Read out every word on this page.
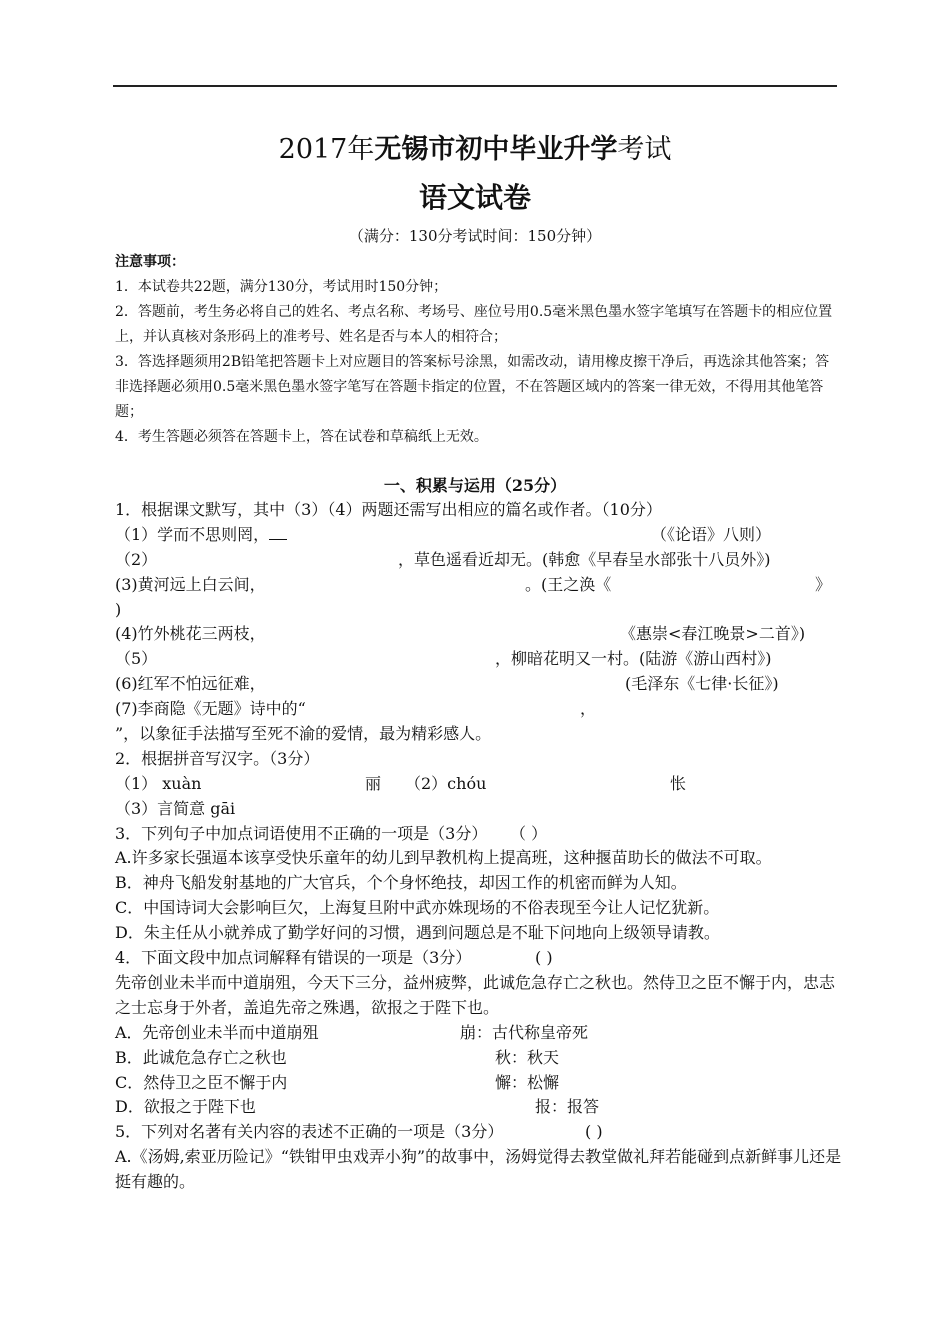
2017年无锡市初中毕业升学考试
语文试卷
（满分：130分考试时间：150分钟）

注意事项：

1．本试卷共22题，满分130分，考试用时150分钟；

2．答题前，考生务必将自己的姓名、考点名称、考场号、座位号用0.5毫米黑色墨水签字笔填写在答题卡的相应位置上，并认真核对条形码上的准考号、姓名是否与本人的相符合；

3．答选择题须用2B铅笔把答题卡上对应题目的答案标号涂黑，如需改动，请用橡皮擦干净后，再选涂其他答案；答非选择题必须用0.5毫米黑色墨水签字笔写在答题卡指定的位置，不在答题区域内的答案一律无效，不得用其他笔答题；

4．考生答题必须答在答题卡上，答在试卷和草稿纸上无效。

一、积累与运用（25分）
1．根据课文默写，其中（3）（4）两题还需写出相应的篇名或作者。（10分）
（1）学而不思则罔，	（《论语》八则）
（2）	，草色遥看近却无。(韩愈《早春呈水部张十八员外》)
(3)黄河远上白云间，	。(王之涣《	》
)
(4)竹外桃花三两枝，	《惠崇<春江晚景>二首》)
（5）	，柳暗花明又一村。(陆游《游山西村》)
(6)红军不怕远征难，	(毛泽东《七律·长征》)
(7)李商隐《无题》诗中的“	，
”，以象征手法描写至死不渝的爱情，最为精彩感人。
2．根据拼音写汉字。（3分）
（1） xuàn	丽 （2）chóu	怅
（3）言简意 gāi
3．下列句子中加点词语使用不正确的一项是（3分） （ ）
A.许多家长强逼本该享受快乐童年的幼儿到早教机构上提高班，这种揠苗助长的做法不可取。
B．神舟飞船发射基地的广大官兵，个个身怀绝技，却因工作的机密而鲜为人知。
C．中国诗词大会影响巨欠，上海复旦附中武亦姝现场的不俗表现至今让人记忆犹新。
D．朱主任从小就养成了勤学好问的习惯，遇到问题总是不耻下问地向上级领导请教。
4．下面文段中加点词解释有错误的一项是（3分）	( )
先帝创业未半而中道崩殂，今天下三分，益州疲弊，此诚危急存亡之秋也。然侍卫之臣不懈于内，忠志之士忘身于外者，盖追先帝之殊遇，欲报之于陛下也。
A．先帝创业未半而中道崩殂	崩：古代称皇帝死
B．此诚危急存亡之秋也	秋：秋天
C．然侍卫之臣不懈于内	懈：松懈
D．欲报之于陛下也	报：报答
5．下列对名著有关内容的表述不正确的一项是（3分）	( )
A.《汤姆,索亚历险记》“铁钳甲虫戏弄小狗”的故事中，汤姆觉得去教堂做礼拜若能碰到点新鲜事儿还是挺有趣的。
